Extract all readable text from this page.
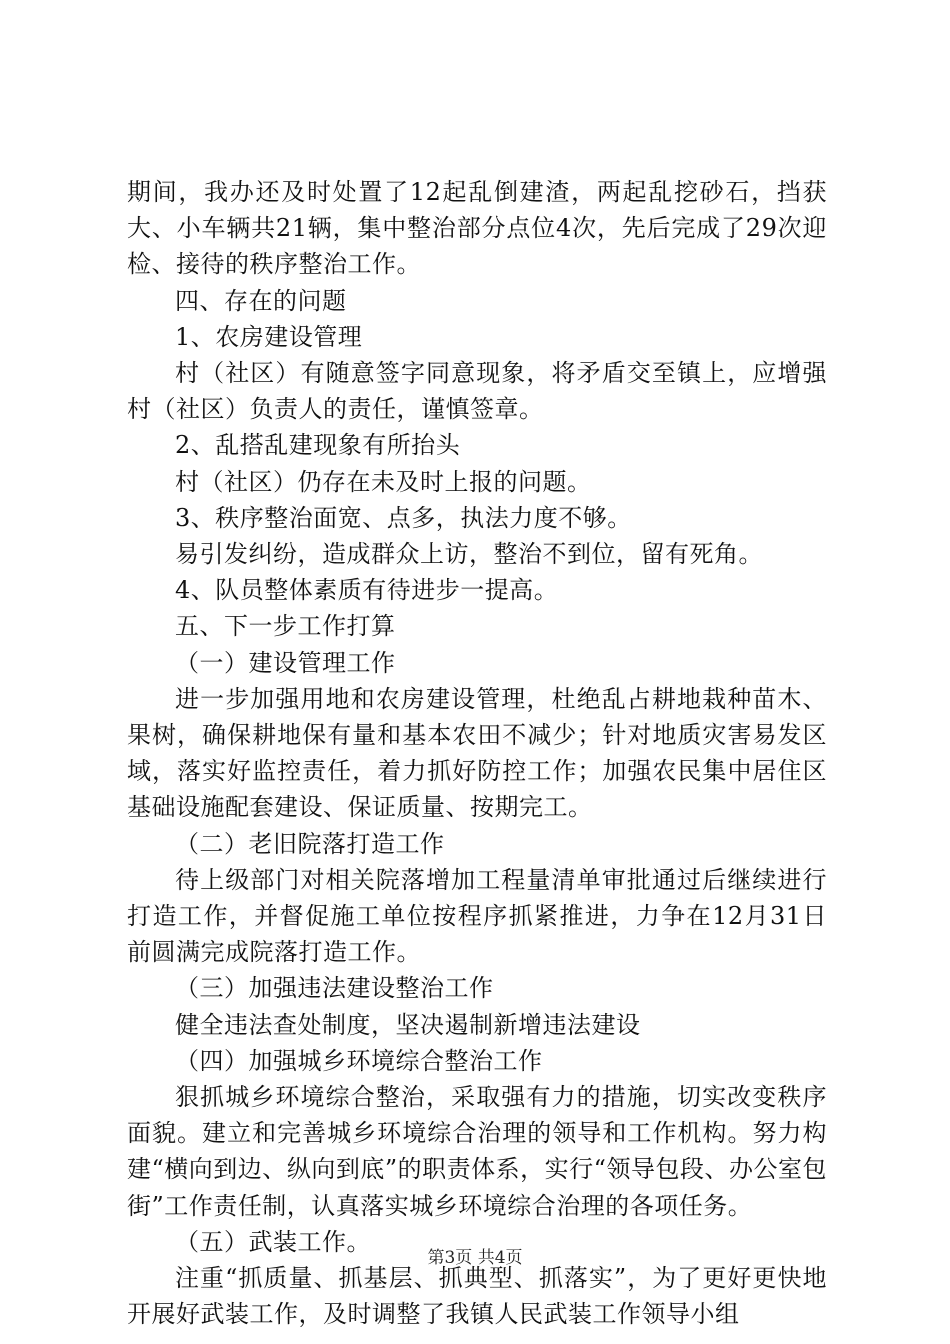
期间，我办还及时处置了12起乱倒建渣，两起乱挖砂石，挡获大、小车辆共21辆，集中整治部分点位4次，先后完成了29次迎检、接待的秩序整治工作。

四、存在的问题

1、农房建设管理

村（社区）有随意签字同意现象，将矛盾交至镇上，应增强村（社区）负责人的责任，谨慎签章。

2、乱搭乱建现象有所抬头

村（社区）仍存在未及时上报的问题。

3、秩序整治面宽、点多，执法力度不够。

易引发纠纷，造成群众上访，整治不到位，留有死角。

4、队员整体素质有待进步一提高。

五、下一步工作打算

（一）建设管理工作

进一步加强用地和农房建设管理，杜绝乱占耕地栽种苗木、果树，确保耕地保有量和基本农田不减少；针对地质灾害易发区域，落实好监控责任，着力抓好防控工作；加强农民集中居住区基础设施配套建设、保证质量、按期完工。

（二）老旧院落打造工作

待上级部门对相关院落增加工程量清单审批通过后继续进行打造工作，并督促施工单位按程序抓紧推进，力争在12月31日前圆满完成院落打造工作。

（三）加强违法建设整治工作

健全违法查处制度，坚决遏制新增违法建设

（四）加强城乡环境综合整治工作

狠抓城乡环境综合整治，采取强有力的措施，切实改变秩序面貌。建立和完善城乡环境综合治理的领导和工作机构。努力构建“横向到边、纵向到底”的职责体系，实行“领导包段、办公室包街”工作责任制，认真落实城乡环境综合治理的各项任务。

（五）武装工作。

注重“抓质量、抓基层、抓典型、抓落实”，为了更好更快地开展好武装工作，及时调整了我镇人民武装工作领导小组

第3页 共4页
